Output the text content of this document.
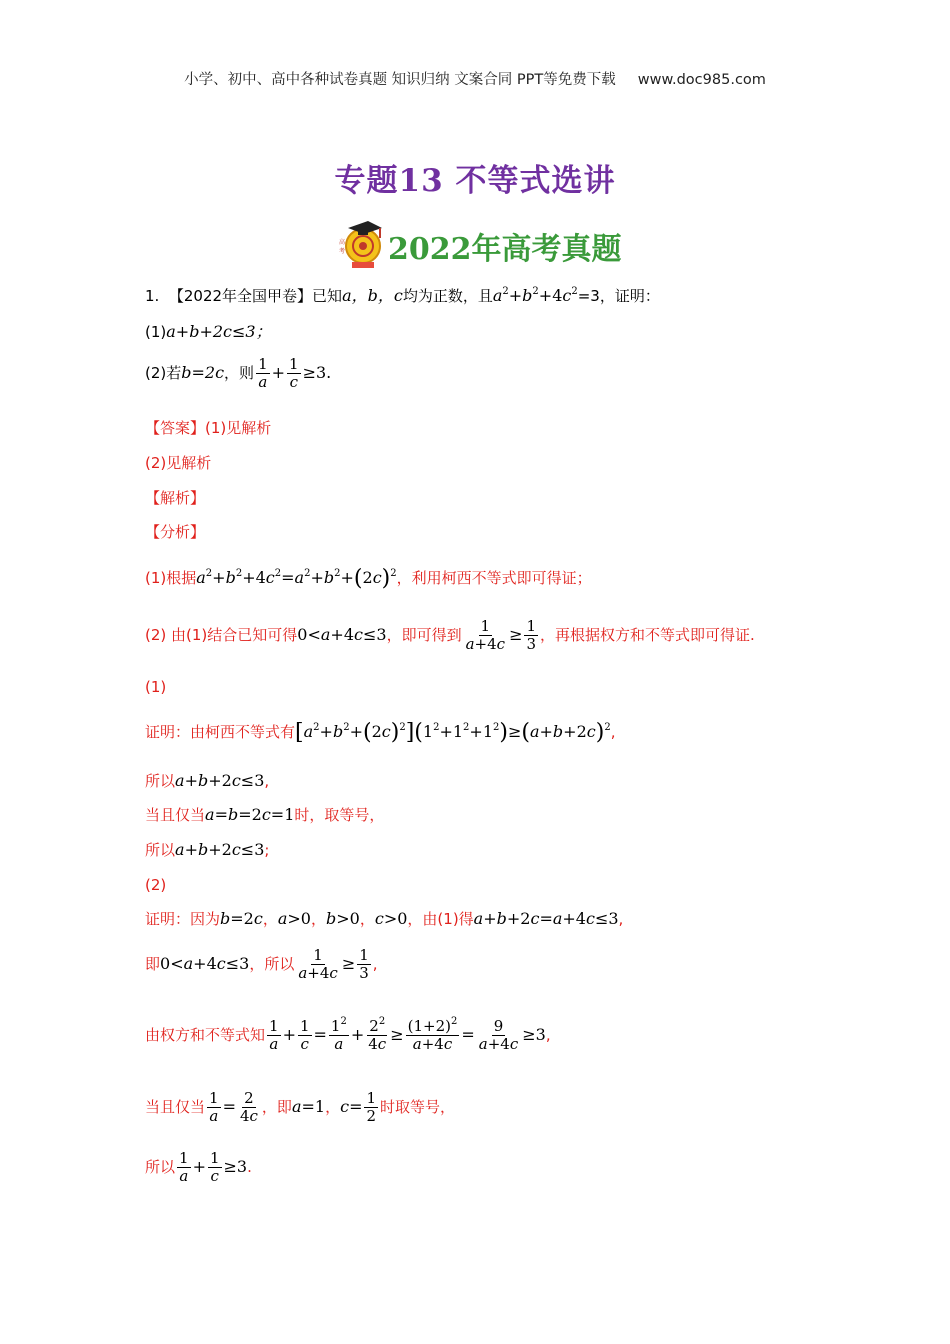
小学、初中、高中各种试卷真题 知识归纳 文案合同 PPT等免费下载 www.doc985.com
专题13 不等式选讲
高
考 2022年高考真题
1. 【2022年全国甲卷】已知a，b，c均为正数，且$a^2+b^2+4c^2=3$，证明：
(1)a+b+2c≤3；
(2)若b=2c，则 $\frac{1}{a} + \frac{1}{c} \ge 3$.
【答案】(1)见解析
(2)见解析
【解析】
【分析】
(1)根据$a^2+b^2+4c^2=a^2+b^2+(2c)^2$，利用柯西不等式即可得证；
(2) 由(1)结合已知可得0<a+4c≤3，即可得到 $\frac{1}{a+4c} \ge \frac{1}{3}$ ，再根据权方和不等式即可得证.
(1)
证明：由柯西不等式有$[a^2+b^2+(2c)^2](1^2+1^2+1^2)\ge(a+b+2c)^2$,
所以a+b+2c≤3,
当且仅当a=b=2c=1时，取等号，
所以a+b+2c≤3;
(2)
证明：因为b=2c，a>0，b>0，c>0，由(1)得a+b+2c=a+4c≤3,
即0<a+4c≤3，所以 $\frac{1}{a+4c} \ge \frac{1}{3}$ ,
由权方和不等式知 $\frac{1}{a} + \frac{1}{c} = \frac{1^2}{a} + \frac{2^2}{4c} \ge \frac{(1+2)^2}{a+4c} = \frac{9}{a+4c} \ge 3$,
当且仅当 $\frac{1}{a} = \frac{2}{4c}$ ，即a=1，$c= \frac{1}{2}$ 时取等号，
所以 $\frac{1}{a} + \frac{1}{c} \ge 3$.
